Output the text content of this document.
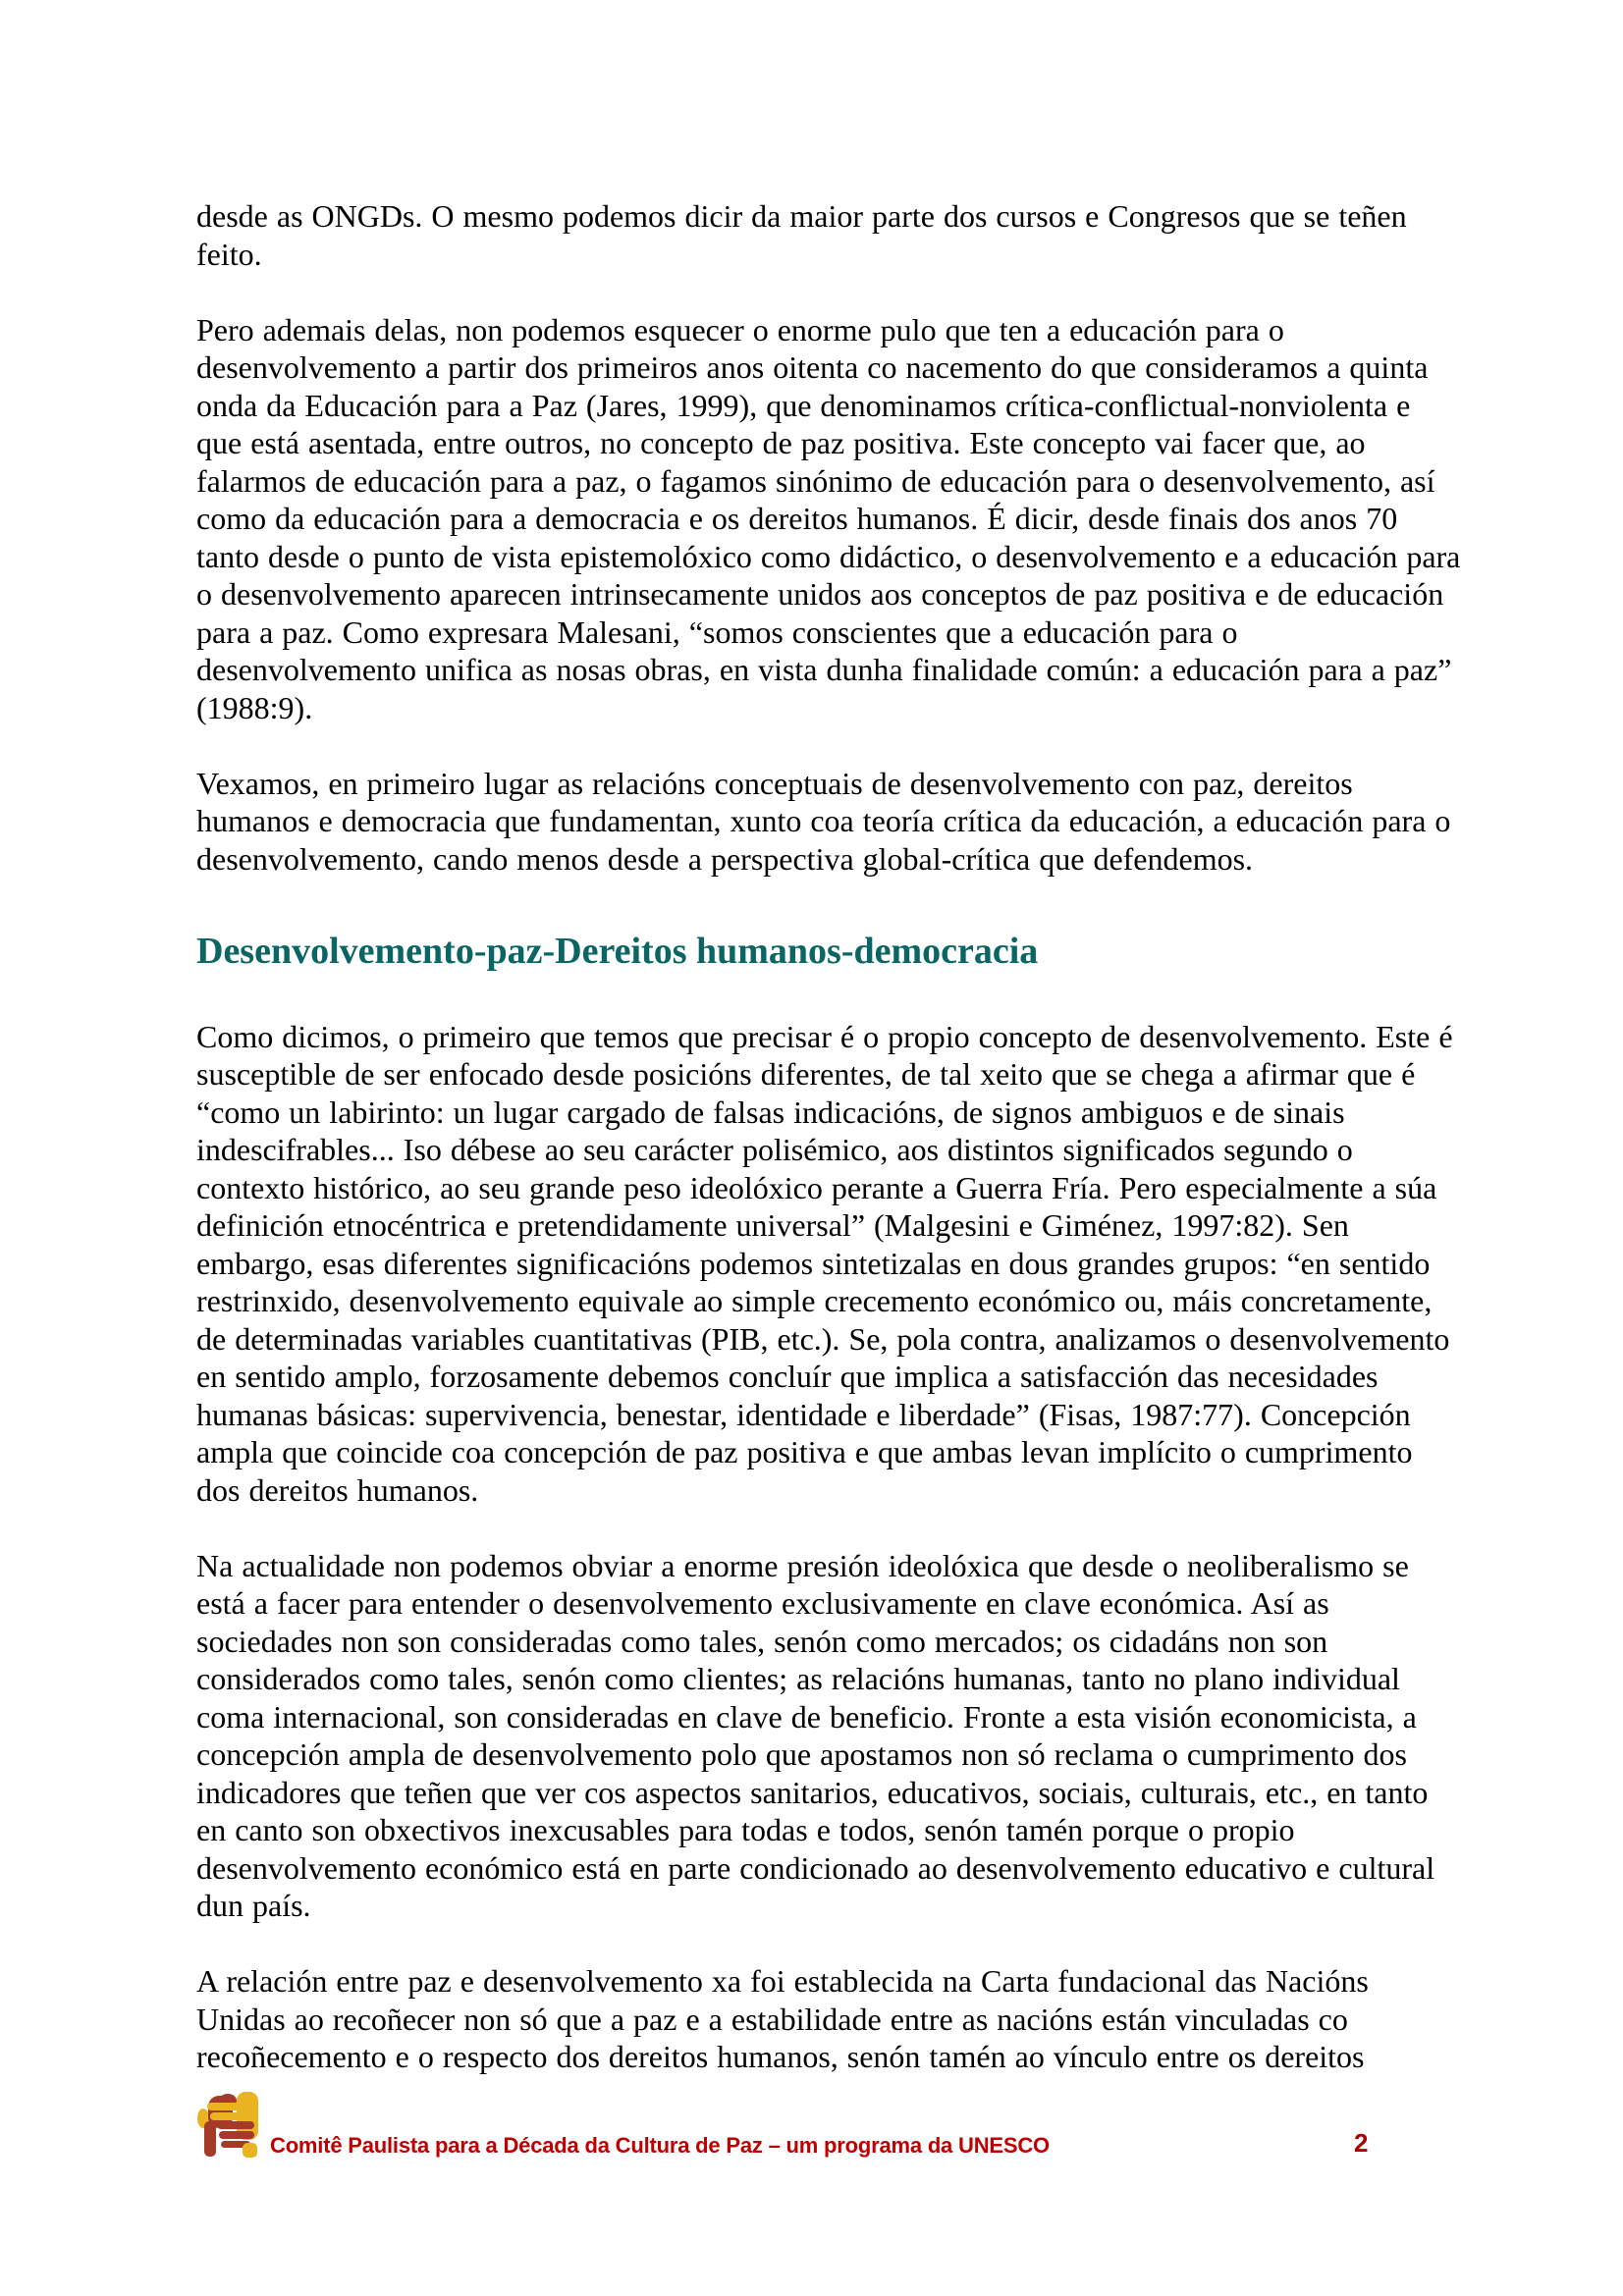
desde as ONGDs. O mesmo podemos dicir da maior parte dos cursos e Congresos que se teñen feito.

Pero ademais delas, non podemos esquecer o enorme pulo que ten a educación para o desenvolvemento a partir dos primeiros anos oitenta co nacemento do que consideramos a quinta onda da Educación para a Paz (Jares, 1999), que denominamos crítica-conflictual-nonviolenta e que está asentada, entre outros, no concepto de paz positiva. Este concepto vai facer que, ao falarmos de educación para a paz, o fagamos sinónimo de educación para o desenvolvemento, así como da educación para a democracia e os dereitos humanos. É dicir, desde finais dos anos 70 tanto desde o punto de vista epistemolóxico como didáctico, o desenvolvemento e a educación para o desenvolvemento aparecen intrinsecamente unidos aos conceptos de paz positiva e de educación para a paz. Como expresara Malesani, “somos conscientes que a educación para o desenvolvemento unifica as nosas obras, en vista dunha finalidade común: a educación para a paz” (1988:9).

Vexamos, en primeiro lugar as relacións conceptuais de desenvolvemento con paz, dereitos humanos e democracia que fundamentan, xunto coa teoría crítica da educación, a educación para o desenvolvemento, cando menos desde a perspectiva global-crítica que defendemos.

Desenvolvemento-paz-Dereitos humanos-democracia

Como dicimos, o primeiro que temos que precisar é o propio concepto de desenvolvemento. Este é susceptible de ser enfocado desde posicións diferentes, de tal xeito que se chega a afirmar que é “como un labirinto: un lugar cargado de falsas indicacións, de signos ambiguos e de sinais indescifrables... Iso débese ao seu carácter polisémico, aos distintos significados segundo o contexto histórico, ao seu grande peso ideolóxico perante a Guerra Fría. Pero especialmente a súa definición etnocéntrica e pretendidamente universal” (Malgesini e Giménez, 1997:82). Sen embargo, esas diferentes significacións podemos sintetizalas en dous grandes grupos: “en sentido restrinxido, desenvolvemento equivale ao simple crecemento económico ou, máis concretamente, de determinadas variables cuantitativas (PIB, etc.). Se, pola contra, analizamos o desenvolvemento en sentido amplo, forzosamente debemos concluír que implica a satisfacción das necesidades humanas básicas: supervivencia, benestar, identidade e liberdade” (Fisas, 1987:77). Concepción ampla que coincide coa concepción de paz positiva e que ambas levan implícito o cumprimento dos dereitos humanos.

Na actualidade non podemos obviar a enorme presión ideolóxica que desde o neoliberalismo se está a facer para entender o desenvolvemento exclusivamente en clave económica. Así as sociedades non son consideradas como tales, senón como mercados; os cidadáns non son considerados como tales, senón como clientes; as relacións humanas, tanto no plano individual coma internacional, son consideradas en clave de beneficio. Fronte a esta visión economicista, a concepción ampla de desenvolvemento polo que apostamos non só reclama o cumprimento dos indicadores que teñen que ver cos aspectos sanitarios, educativos, sociais, culturais, etc., en tanto en canto son obxectivos inexcusables para todas e todos, senón tamén porque o propio desenvolvemento económico está en parte condicionado ao desenvolvemento educativo e cultural dun país.

A relación entre paz e desenvolvemento xa foi establecida na Carta fundacional das Nacións Unidas ao recoñecer non só que a paz e a estabilidade entre as nacións están vinculadas co recoñecemento e o respecto dos dereitos humanos, senón tamén ao vínculo entre os dereitos

Comitê Paulista para a Década da Cultura de Paz – um programa da UNESCO	2
